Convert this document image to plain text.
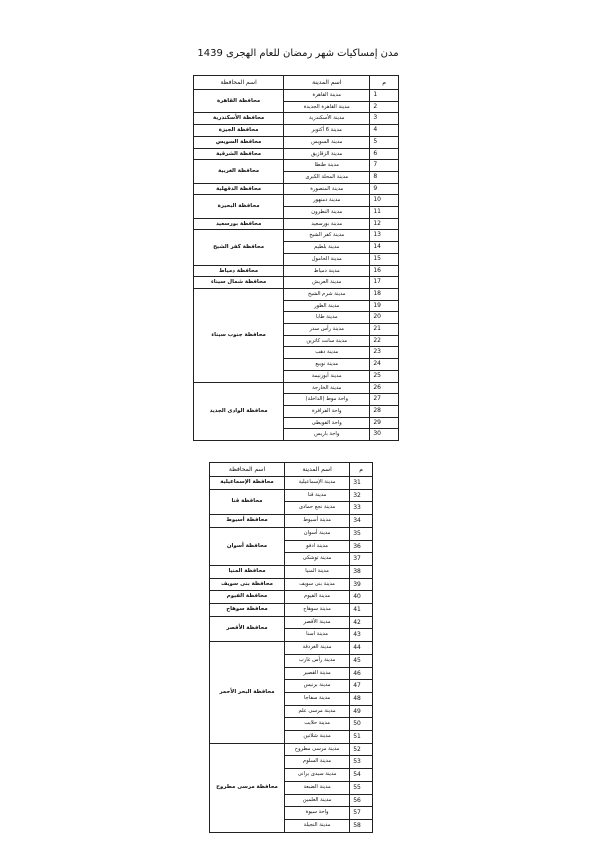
مدن إمساكيات شهر رمضان للعام الهجرى 1439
م	اسم المدينة	اسم المحافظة
1	مدينة القاهرة	محافظة القاهرة
2	مدينة القاهرة الجديدة	
3	مدينة الأسكندرية	محافظة الأسكندرية
4	مدينة 6 أكتوبر	محافظة الجيزة
5	مدينة السويس	محافظة السويس
6	مدينة الزقازيق	محافظة الشرقية
7	مدينة طنطا	محافظة الغربية
8	مدينة المحلة الكبرى	
9	مدينة المنصورة	محافظة الدقهلية
10	مدينة دمنهور	محافظة البحيرة
11	مدينة النطرون	
12	مدينة بورسعيد	محافظة بورسعيد
13	مدينة كفر الشيخ	محافظة كفر الشيخ
14	مدينة بلطيم	
15	مدينة الحامول	
16	مدينة دمياط	محافظة دمياط
17	مدينة العريش	محافظة شمال سيناء
18	مدينة شرم الشيخ	محافظة جنوب سيناء
19	مدينة الطور	
20	مدينة طابا	
21	مدينة رأس سدر	
22	مدينة سانت كاترين	
23	مدينة دهب	
24	مدينة نويبع	
25	مدينة أبوزنيمة	
26	مدينة الخارجة	محافظة الوادى الجديد
27	واحة موط (الداخلة)	
28	واحة الفرافرة	
29	واحة الفويطى	
30	واحة باريس	
م	اسم المدينة	اسم المحافظة
31	مدينة الإسماعيلية	محافظة الإسماعيلية
32	مدينة قنا	محافظة قنا
33	مدينة نجع حمادى	
34	مدينة أسيوط	محافظة أسيوط
35	مدينة أسوان	محافظة أسوان
36	مدينة ادفو	
37	مدينة توشكى	
38	مدينة المنيا	محافظة المنيا
39	مدينة بنى سويف	محافظة بنى سويف
40	مدينة الفيوم	محافظة الفيوم
41	مدينة سوهاج	محافظة سوهاج
42	مدينة الأقصر	محافظة الأقصر
43	مدينة اسنا	
44	مدينة الغردقة	محافظة البحر الأحمر
45	مدينة رأس غارب	
46	مدينة القصير	
47	مدينة برنيس	
48	مدينة سفاجا	
49	مدينة مرسى علم	
50	مدينة حلايب	
51	مدينة شلاتين	
52	مدينة مرسى مطروح	محافظة مرسى مطروح
53	مدينة السلوم	
54	مدينة سيدى برانى	
55	مدينة الضبعة	
56	مدينة العلمين	
57	واحة سيوة	
58	مدينة النجيلة	
